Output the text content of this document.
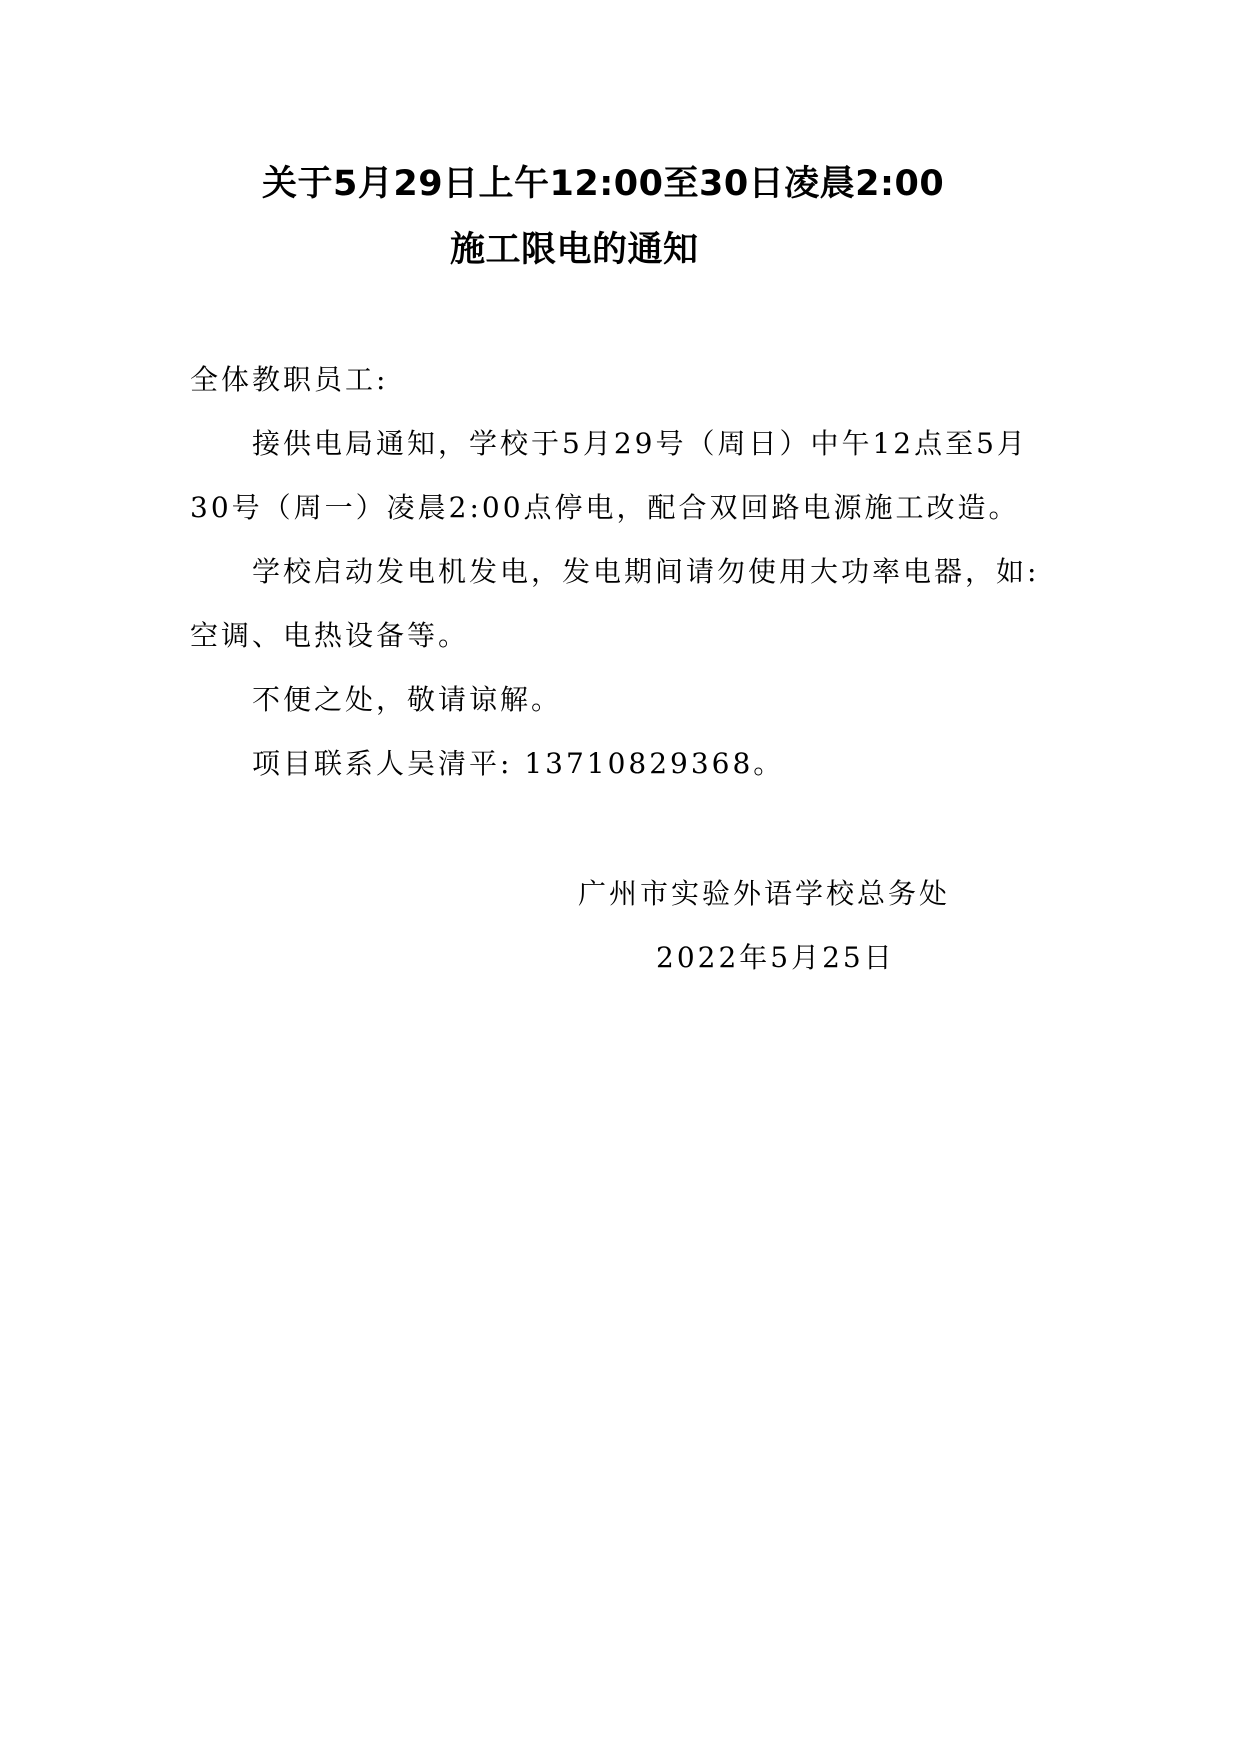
关于5月29日上午12:00至30日凌晨2:00
施工限电的通知
全体教职员工:
接供电局通知，学校于5月29号（周日）中午12点至5月
30号（周一）凌晨2:00点停电，配合双回路电源施工改造。
学校启动发电机发电，发电期间请勿使用大功率电器，如:
空调、电热设备等。
不便之处，敬请谅解。
项目联系人吴清平: 13710829368。
广州市实验外语学校总务处
2022年5月25日
